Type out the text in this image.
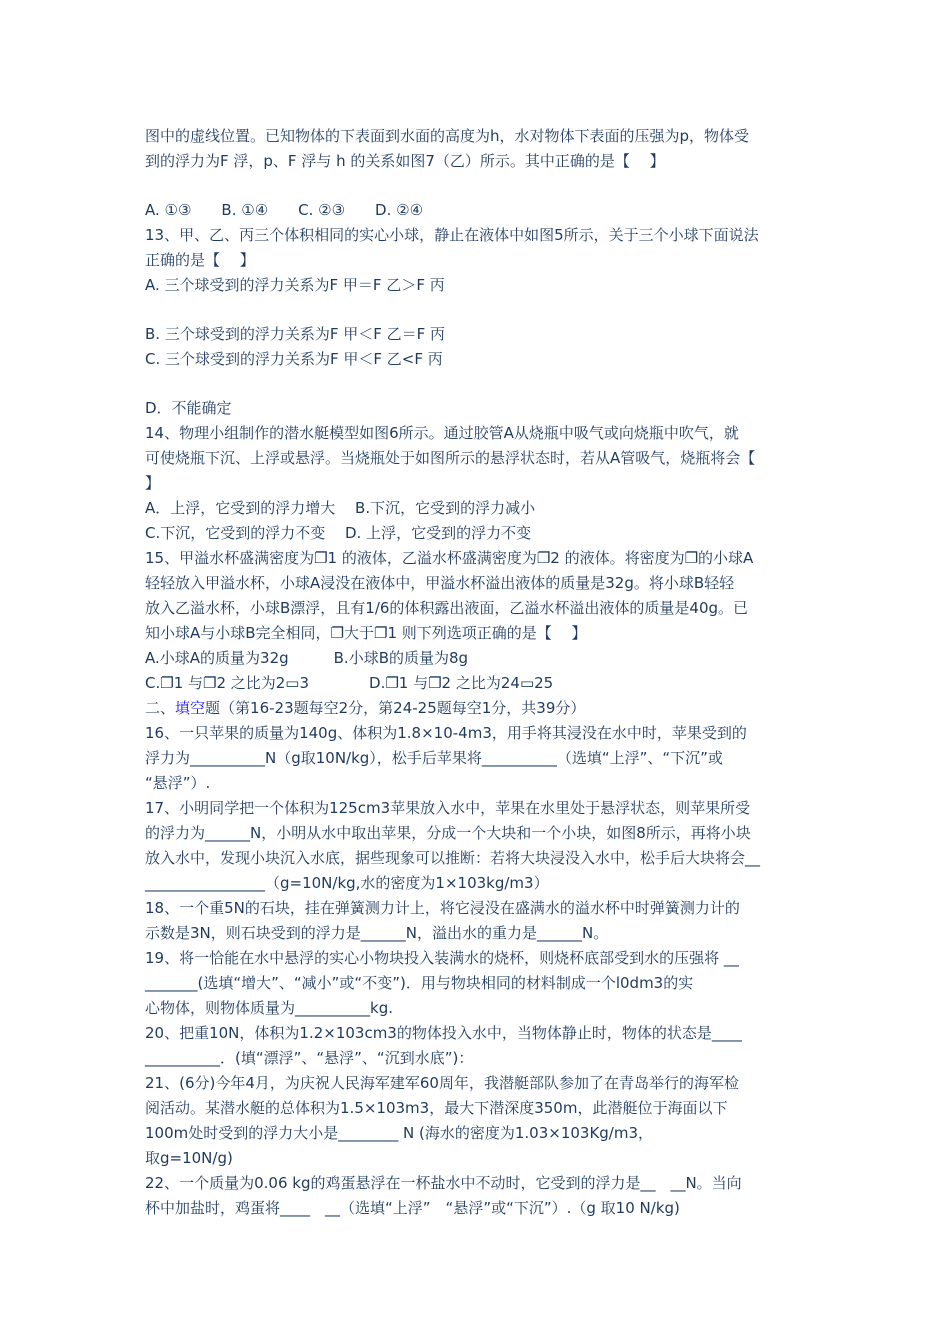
图中的虚线位置。已知物体的下表面到水面的高度为h，水对物体下表面的压强为p，物体受
到的浮力为F 浮，p、F 浮与 h 的关系如图7（乙）所示。其中正确的是【　 】
A. ①③　　B. ①④　　C. ②③　　D. ②④
13、甲、乙、丙三个体积相同的实心小球，静止在液体中如图5所示，关于三个小球下面说法
正确的是【　 】
A. 三个球受到的浮力关系为F 甲＝F 乙＞F 丙
B. 三个球受到的浮力关系为F 甲＜F 乙＝F 丙
C. 三个球受到的浮力关系为F 甲＜F 乙<F 丙
D．不能确定
14、物理小组制作的潜水艇模型如图6所示。通过胶管A从烧瓶中吸气或向烧瓶中吹气，就
可使烧瓶下沉、上浮或悬浮。当烧瓶处于如图所示的悬浮状态时，若从A管吸气，烧瓶将会【
】
A．上浮，它受到的浮力增大　 B.下沉，它受到的浮力减小
C.下沉，它受到的浮力不变　 D. 上浮，它受到的浮力不变
15、甲溢水杯盛满密度为❐1 的液体，乙溢水杯盛满密度为❐2 的液体。将密度为❐的小球A
轻轻放入甲溢水杯，小球A浸没在液体中，甲溢水杯溢出液体的质量是32g。将小球B轻轻
放入乙溢水杯，小球B漂浮，且有1/6的体积露出液面，乙溢水杯溢出液体的质量是40g。已
知小球A与小球B完全相同，❐大于❐1 则下列选项正确的是【　 】
A.小球A的质量为32g　　　B.小球B的质量为8g
C.❐1 与❐2 之比为2▭3　　　　D.❐1 与❐2 之比为24▭25
二、填空题（第16-23题每空2分，第24-25题每空1分，共39分）
16、一只苹果的质量为140g、体积为1.8×10-4m3，用手将其浸没在水中时，苹果受到的
浮力为__________N（g取10N/kg），松手后苹果将__________（选填“上浮”、“下沉”或
“悬浮”）.
17、小明同学把一个体积为125cm3苹果放入水中，苹果在水里处于悬浮状态，则苹果所受
的浮力为______N，小明从水中取出苹果，分成一个大块和一个小块，如图8所示，再将小块
放入水中，发现小块沉入水底，据些现象可以推断：若将大块浸没入水中，松手后大块将会__
________________（g=10N/kg,水的密度为1×103kg/m3）
18、一个重5N的石块，挂在弹簧测力计上，将它浸没在盛满水的溢水杯中时弹簧测力计的
示数是3N，则石块受到的浮力是______N，溢出水的重力是______N。
19、将一恰能在水中悬浮的实心小物块投入装满水的烧杯，则烧杯底部受到水的压强将 __
_______(选填“增大”、“减小”或“不变”)．用与物块相同的材料制成一个l0dm3的实
心物体，则物体质量为__________kg.
20、把重10N，体积为1.2×103cm3的物体投入水中，当物体静止时，物体的状态是____
__________．(填“漂浮”、“悬浮”、“沉到水底”)：
21、(6分)今年4月，为庆祝人民海军建军60周年，我潜艇部队参加了在青岛举行的海军检
阅活动。某潜水艇的总体积为1.5×103m3，最大下潜深度350m，此潜艇位于海面以下
100m处时受到的浮力大小是________ N (海水的密度为1.03×103Kg/m3，
取g=10N/g)
22、一个质量为0.06 kg的鸡蛋悬浮在一杯盐水中不动时，它受到的浮力是__　__N。当向
杯中加盐时，鸡蛋将____　__（选填“上浮”　“悬浮”或“下沉”）.（g 取10 N/kg)
